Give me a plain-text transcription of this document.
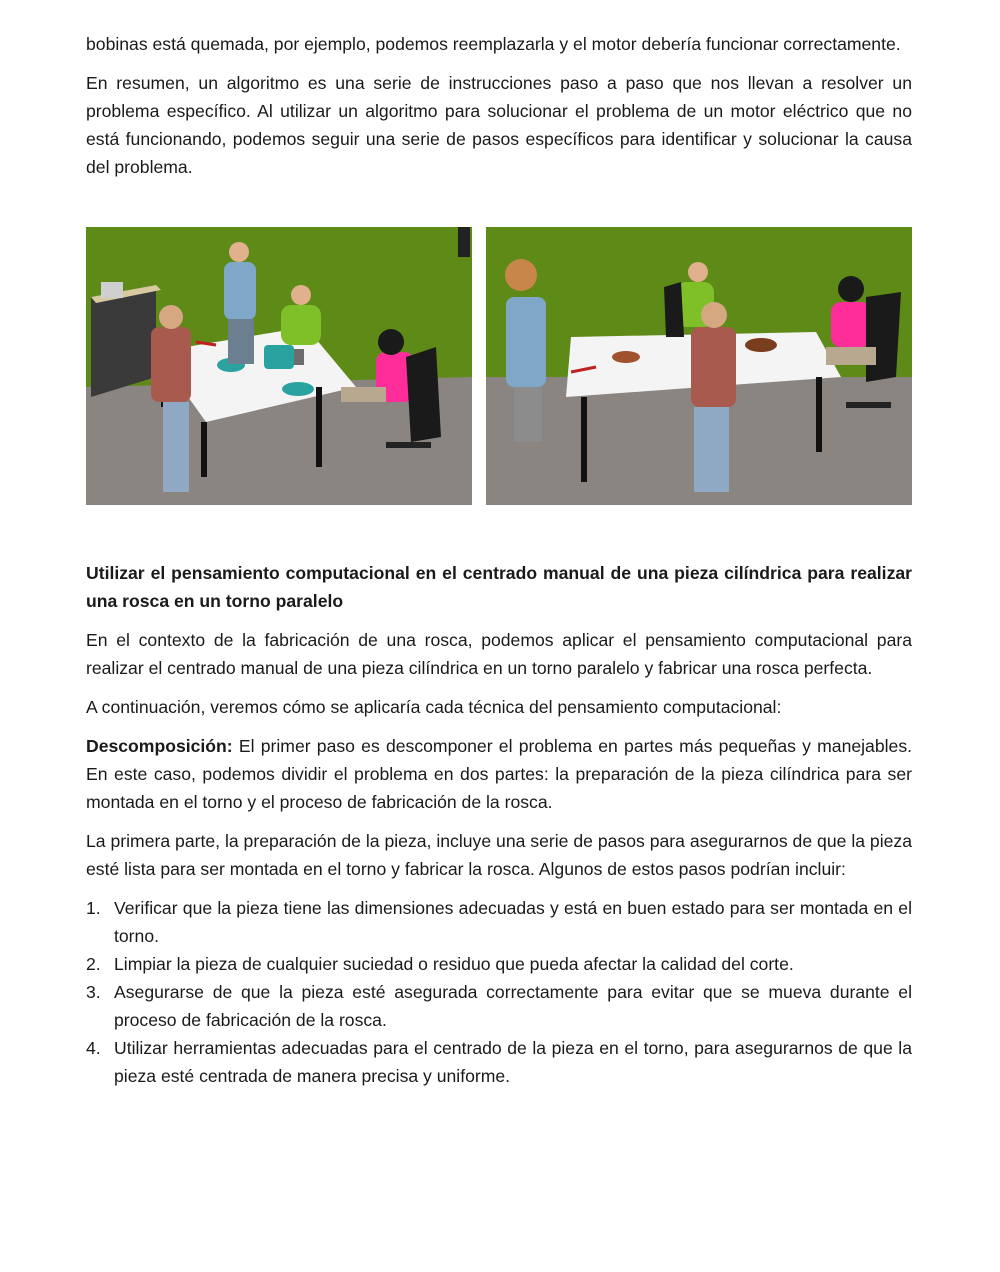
bobinas está quemada, por ejemplo, podemos reemplazarla y el motor debería funcionar correctamente.

En resumen, un algoritmo es una serie de instrucciones paso a paso que nos llevan a resolver un problema específico. Al utilizar un algoritmo para solucionar el problema de un motor eléctrico que no está funcionando, podemos seguir una serie de pasos específicos para identificar y solucionar la causa del problema.

Utilizar el pensamiento computacional en el centrado manual de una pieza cilíndrica para realizar una rosca en un torno paralelo

En el contexto de la fabricación de una rosca, podemos aplicar el pensamiento computacional para realizar el centrado manual de una pieza cilíndrica en un torno paralelo y fabricar una rosca perfecta.

A continuación, veremos cómo se aplicaría cada técnica del pensamiento computacional:

Descomposición: El primer paso es descomponer el problema en partes más pequeñas y manejables. En este caso, podemos dividir el problema en dos partes: la preparación de la pieza cilíndrica para ser montada en el torno y el proceso de fabricación de la rosca.

La primera parte, la preparación de la pieza, incluye una serie de pasos para asegurarnos de que la pieza esté lista para ser montada en el torno y fabricar la rosca. Algunos de estos pasos podrían incluir:

1. Verificar que la pieza tiene las dimensiones adecuadas y está en buen estado para ser montada en el torno.
2. Limpiar la pieza de cualquier suciedad o residuo que pueda afectar la calidad del corte.
3. Asegurarse de que la pieza esté asegurada correctamente para evitar que se mueva durante el proceso de fabricación de la rosca.
4. Utilizar herramientas adecuadas para el centrado de la pieza en el torno, para asegurarnos de que la pieza esté centrada de manera precisa y uniforme.
